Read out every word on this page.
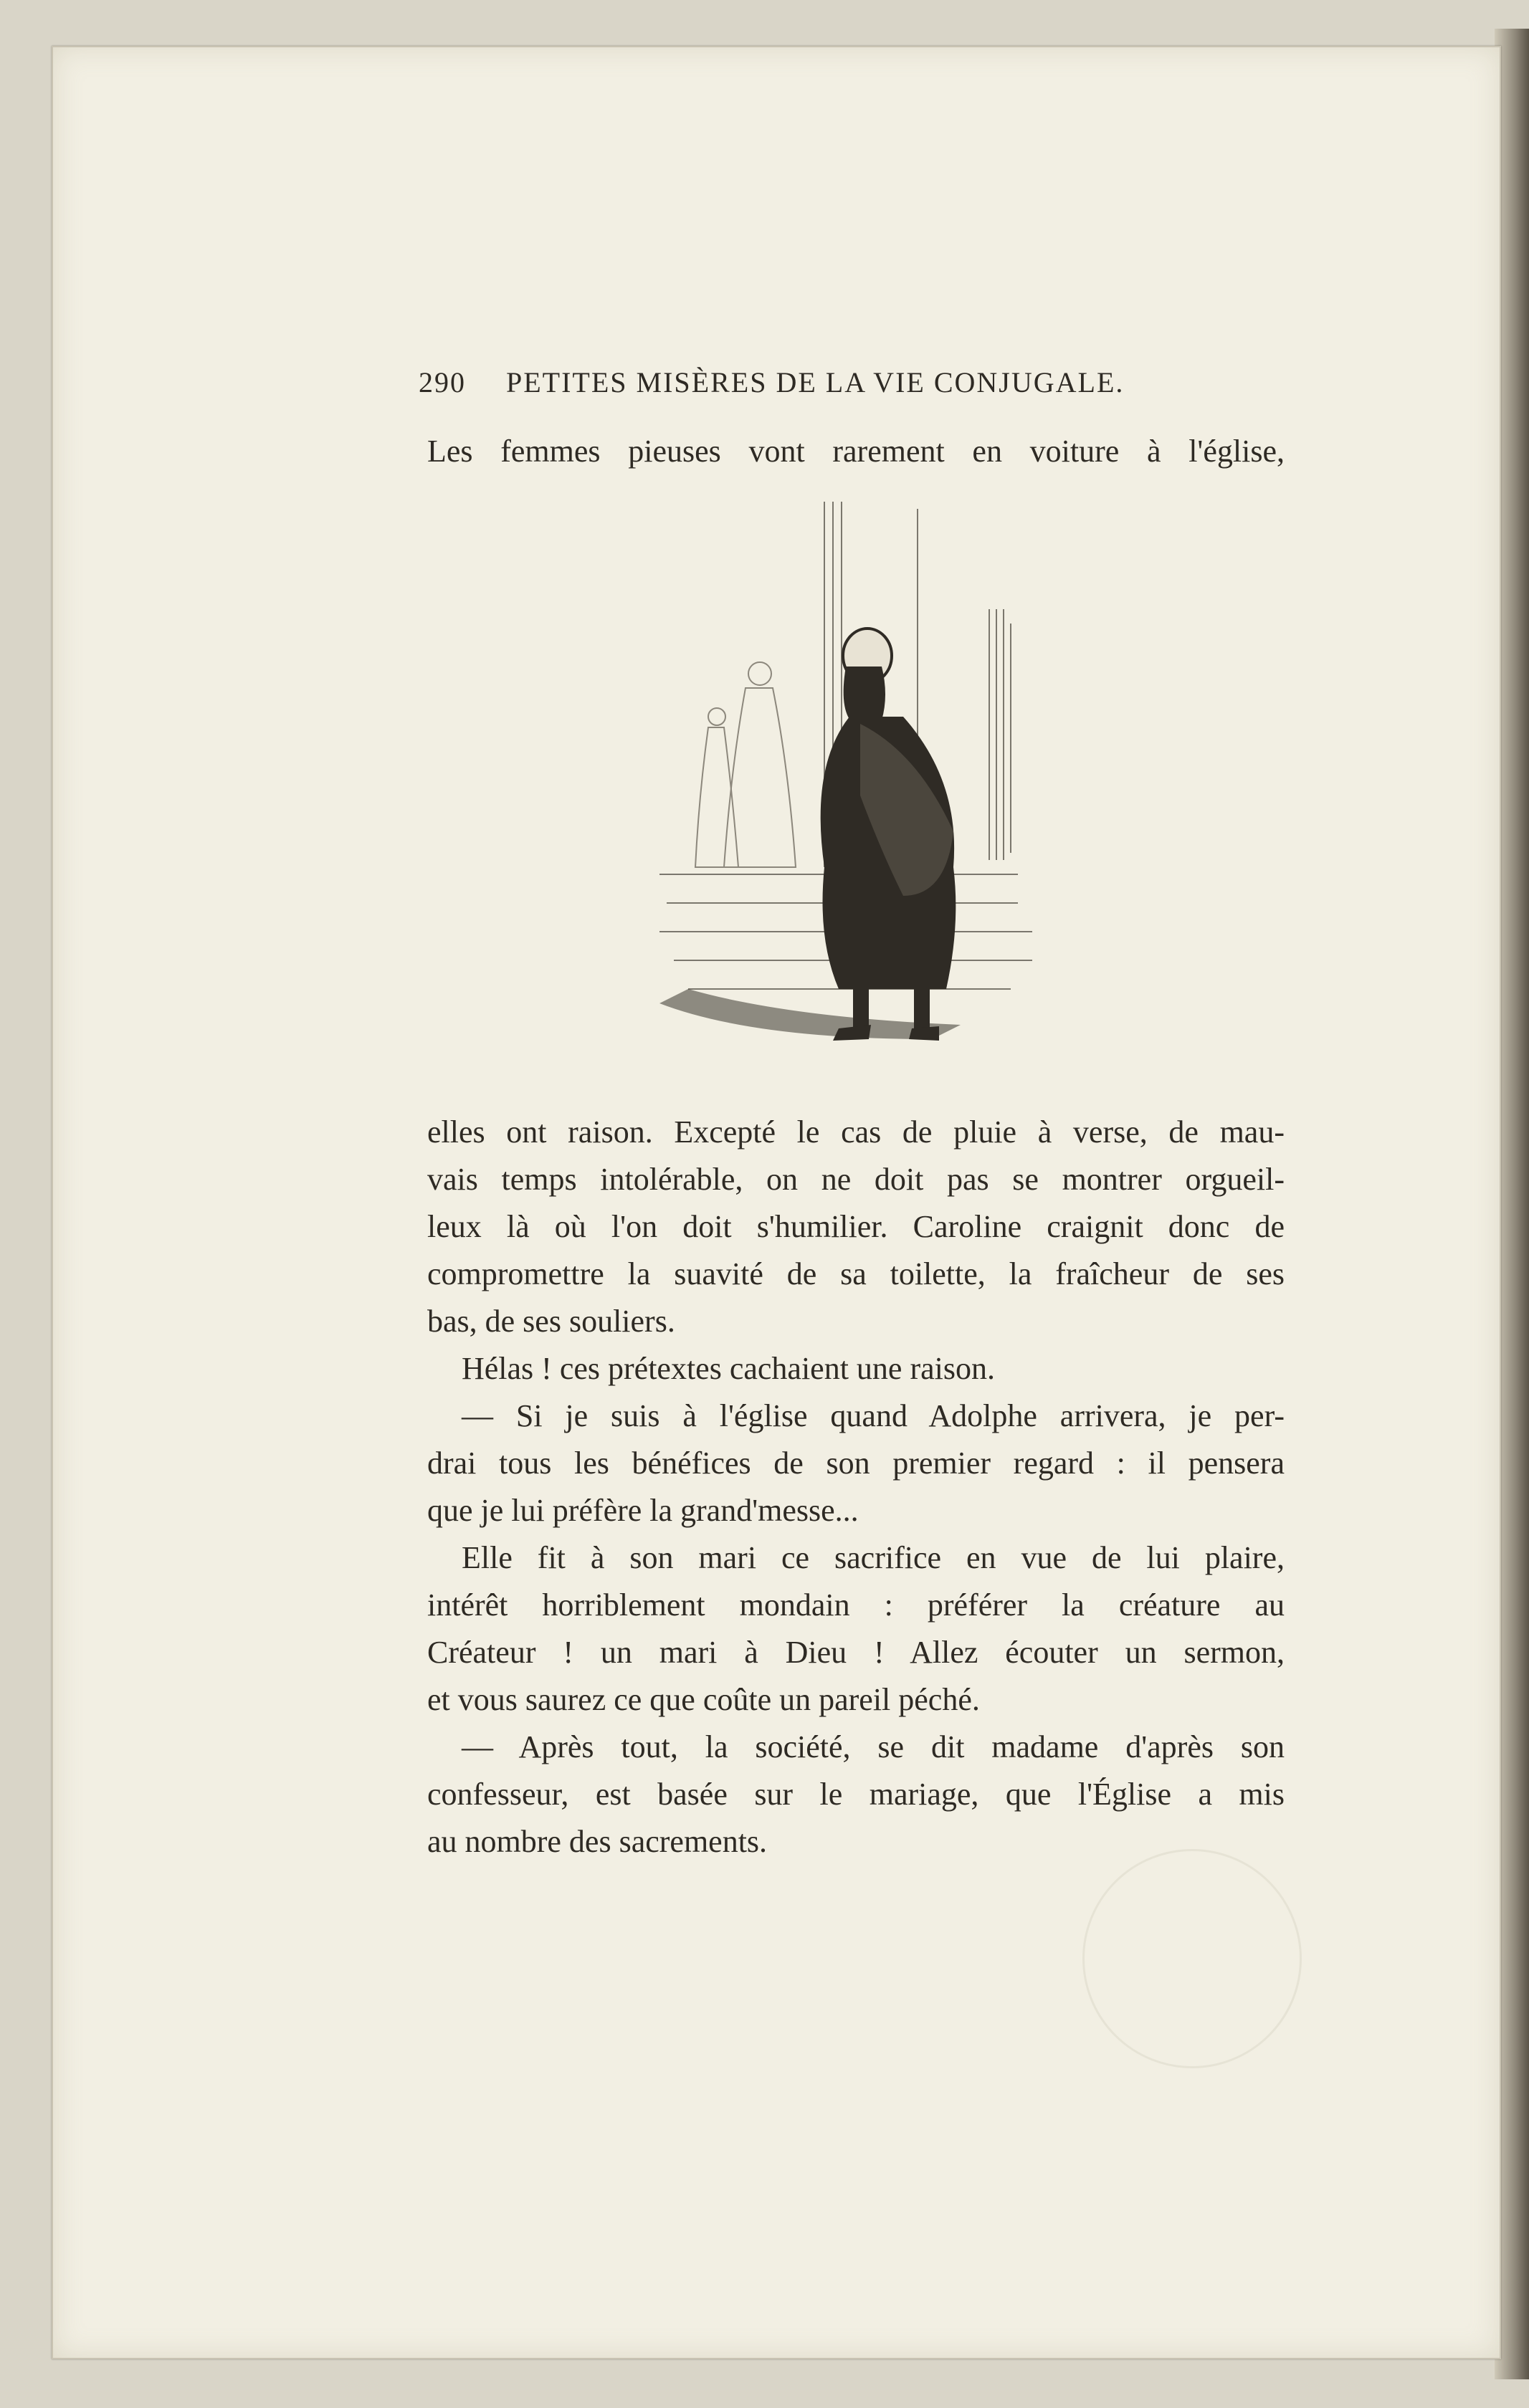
290 PETITES MISÈRES DE LA VIE CONJUGALE.
Les femmes pieuses vont rarement en voiture à l'église,
elles ont raison. Excepté le cas de pluie à verse, de mau-
vais temps intolérable, on ne doit pas se montrer orgueil-
leux là où l'on doit s'humilier. Caroline craignit donc de
compromettre la suavité de sa toilette, la fraîcheur de ses
bas, de ses souliers.
Hélas ! ces prétextes cachaient une raison.
— Si je suis à l'église quand Adolphe arrivera, je per-
drai tous les bénéfices de son premier regard : il pensera
que je lui préfère la grand'messe...
Elle fit à son mari ce sacrifice en vue de lui plaire,
intérêt horriblement mondain : préférer la créature au
Créateur ! un mari à Dieu ! Allez écouter un sermon,
et vous saurez ce que coûte un pareil péché.
— Après tout, la société, se dit madame d'après son
confesseur, est basée sur le mariage, que l'Église a mis
au nombre des sacrements.
